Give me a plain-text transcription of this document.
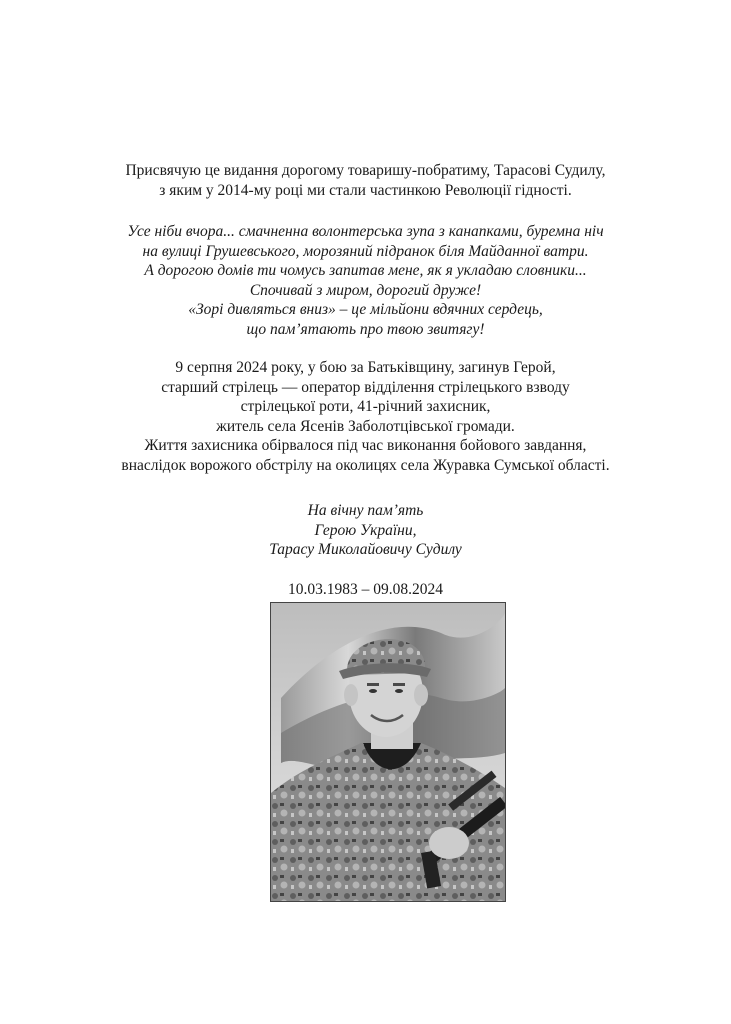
Присвячую це видання дорогому товаришу-побратиму, Тарасові Судилу,
з яким у 2014-му році ми стали частинкою Революції гідності.
Усе ніби вчора... смачненна волонтерська зупа з канапками, буремна ніч
на вулиці Грушевського, морозяний підранок біля Майданної ватри.
А дорогою домів ти чомусь запитав мене, як я укладаю словники...
Спочивай з миром, дорогий друже!
«Зорі дивляться вниз» – це мільйони вдячних сердець,
що пам’ятають про твою звитягу!
9 серпня 2024 року, у бою за Батьківщину, загинув Герой,
старший стрілець — оператор відділення стрілецького взводу
стрілецької роти, 41-річний захисник,
житель села Ясенів Заболотцівської громади.
Життя захисника обірвалося під час виконання бойового завдання,
внаслідок ворожого обстрілу на околицях села Журавка Сумської області.
На вічну пам’ять
Герою України,
Тарасу Миколайовичу Судилу
10.03.1983 – 09.08.2024
